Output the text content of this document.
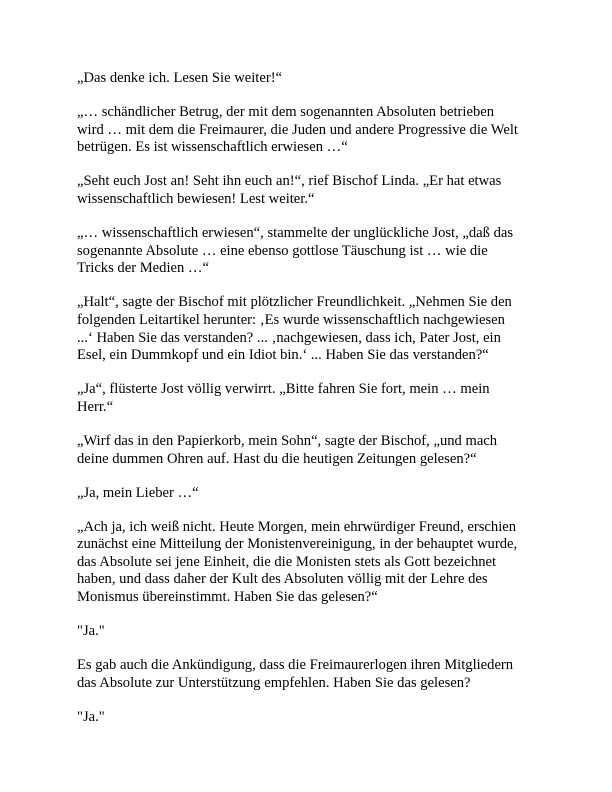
„Das denke ich. Lesen Sie weiter!“

„… schändlicher Betrug, der mit dem sogenannten Absoluten betrieben
wird … mit dem die Freimaurer, die Juden und andere Progressive die Welt
betrügen. Es ist wissenschaftlich erwiesen …“

„Seht euch Jost an! Seht ihn euch an!“, rief Bischof Linda. „Er hat etwas
wissenschaftlich bewiesen! Lest weiter.“

„… wissenschaftlich erwiesen“, stammelte der unglückliche Jost, „daß das
sogenannte Absolute … eine ebenso gottlose Täuschung ist … wie die
Tricks der Medien …“

„Halt“, sagte der Bischof mit plötzlicher Freundlichkeit. „Nehmen Sie den
folgenden Leitartikel herunter: ‚Es wurde wissenschaftlich nachgewiesen
...‘ Haben Sie das verstanden? ... ‚nachgewiesen, dass ich, Pater Jost, ein
Esel, ein Dummkopf und ein Idiot bin.‘ ... Haben Sie das verstanden?“

„Ja“, flüsterte Jost völlig verwirrt. „Bitte fahren Sie fort, mein … mein
Herr.“

„Wirf das in den Papierkorb, mein Sohn“, sagte der Bischof, „und mach
deine dummen Ohren auf. Hast du die heutigen Zeitungen gelesen?“

„Ja, mein Lieber …“

„Ach ja, ich weiß nicht. Heute Morgen, mein ehrwürdiger Freund, erschien
zunächst eine Mitteilung der Monistenvereinigung, in der behauptet wurde,
das Absolute sei jene Einheit, die die Monisten stets als Gott bezeichnet
haben, und dass daher der Kult des Absoluten völlig mit der Lehre des
Monismus übereinstimmt. Haben Sie das gelesen?“

"Ja."

Es gab auch die Ankündigung, dass die Freimaurerlogen ihren Mitgliedern
das Absolute zur Unterstützung empfehlen. Haben Sie das gelesen?

"Ja."
